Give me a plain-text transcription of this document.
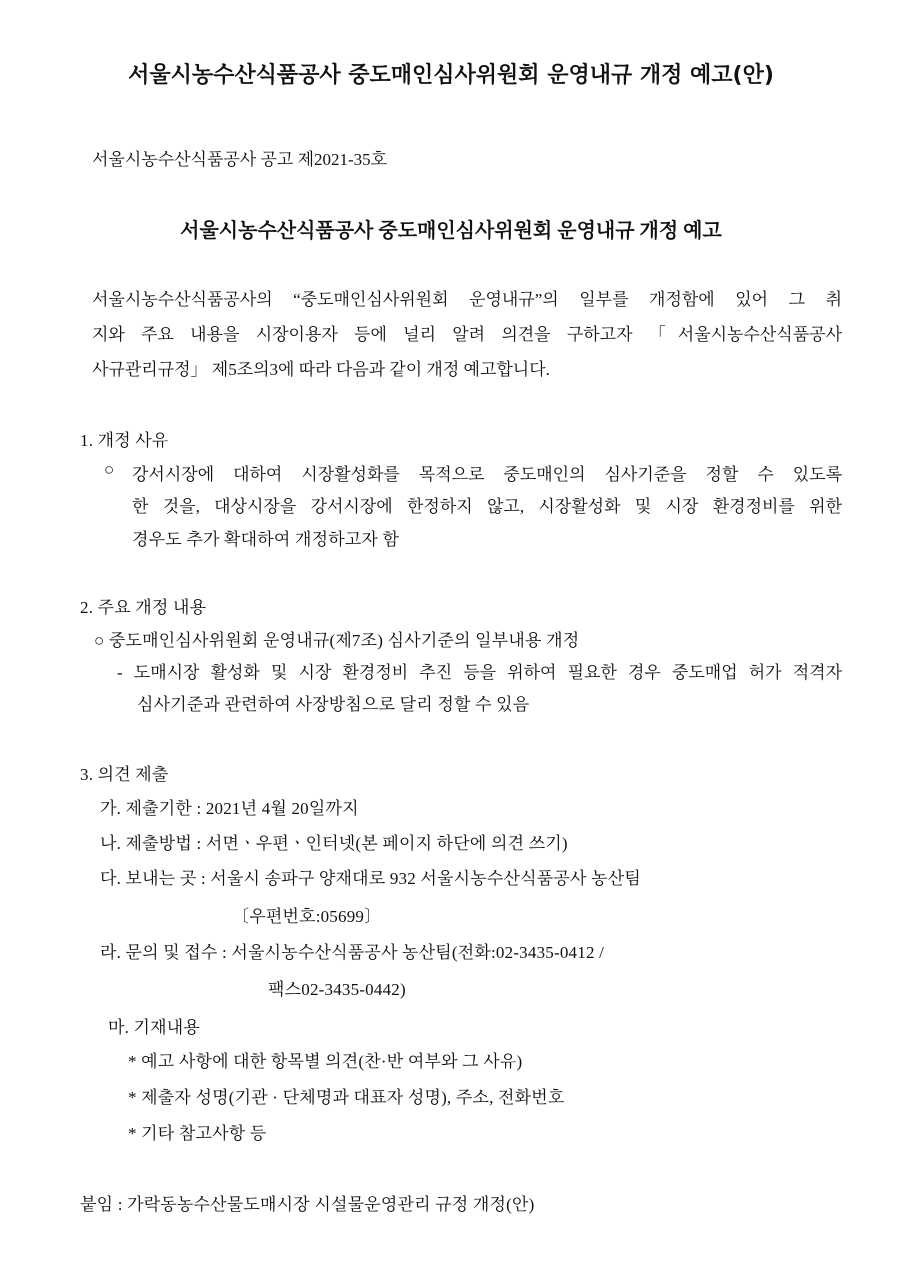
서울시농수산식품공사 중도매인심사위원회 운영내규 개정 예고(안)
서울시농수산식품공사 공고 제2021-35호
서울시농수산식품공사 중도매인심사위원회 운영내규 개정 예고
서울시농수산식품공사의 “중도매인심사위원회 운영내규”의 일부를 개정함에 있어 그 취
지와 주요 내용을 시장이용자 등에 널리 알려 의견을 구하고자 「서울시농수산식품공사
사규관리규정」 제5조의3에 따라 다음과 같이 개정 예고합니다.
1. 개정 사유
○ 강서시장에 대하여 시장활성화를 목적으로 중도매인의 심사기준을 정할 수 있도록
한 것을, 대상시장을 강서시장에 한정하지 않고, 시장활성화 및 시장 환경정비를 위한
경우도 추가 확대하여 개정하고자 함
2. 주요 개정 내용
○ 중도매인심사위원회 운영내규(제7조) 심사기준의 일부내용 개정
- 도매시장 활성화 및 시장 환경정비 추진 등을 위하여 필요한 경우 중도매업 허가 적격자
심사기준과 관련하여 사장방침으로 달리 정할 수 있음
3. 의견 제출
가. 제출기한 : 2021년 4월 20일까지
나. 제출방법 : 서면ㆍ우편ㆍ인터넷(본 페이지 하단에 의견 쓰기)
다. 보내는 곳 : 서울시 송파구 양재대로 932 서울시농수산식품공사 농산팀
〔우편번호:05699〕
라. 문의 및 접수 : 서울시농수산식품공사 농산팀(전화:02-3435-0412 /
팩스02-3435-0442)
마. 기재내용
* 예고 사항에 대한 항목별 의견(찬·반 여부와 그 사유)
* 제출자 성명(기관 · 단체명과 대표자 성명), 주소, 전화번호
* 기타 참고사항 등
붙임 : 가락동농수산물도매시장 시설물운영관리 규정 개정(안)
